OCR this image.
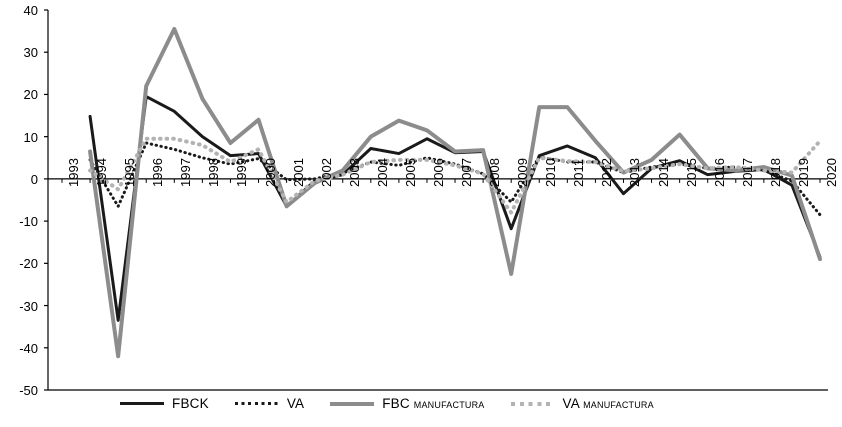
40
30
20
10
0
-10
-20
-30
-40
-50
1993 1994 1995 1996 1997 1998 1999 2000 2001 2002 2003 2004 2005 2006 2007 2008 2009 2010 2011 2012 2013 2014 2015 2016 2017 2018 2019 2020
FBCK	VA	FBC manufactura	VA manufactura
